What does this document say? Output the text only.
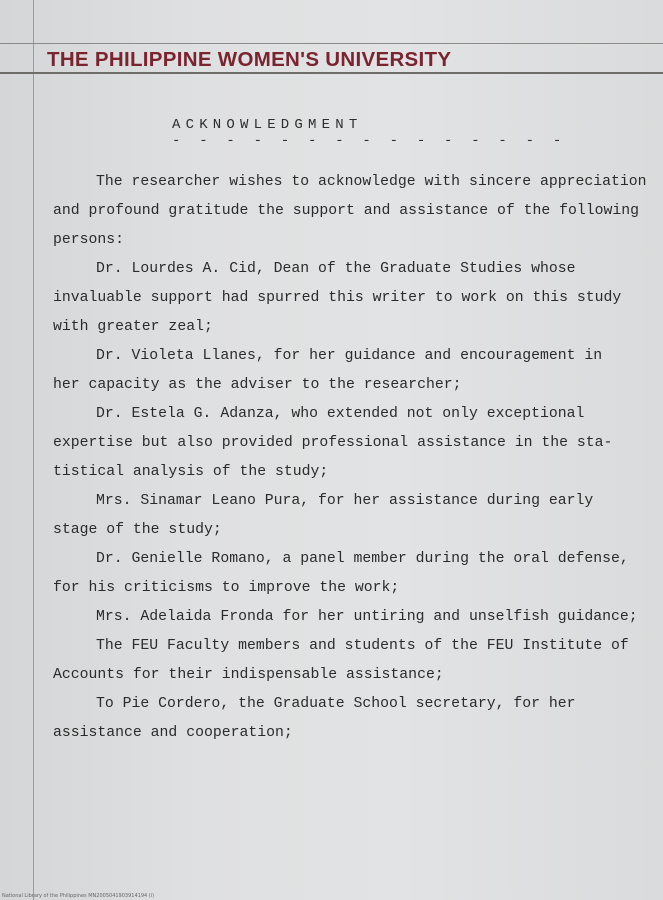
THE PHILIPPINE WOMEN'S UNIVERSITY
ACKNOWLEDGMENT
- - - - - - - - - - - - - - -
The researcher wishes to acknowledge with sincere appreciation
and profound gratitude the support and assistance of the following
persons:
Dr. Lourdes A. Cid, Dean of the Graduate Studies whose
invaluable support had spurred this writer to work on this study
with greater zeal;
Dr. Violeta Llanes, for her guidance and encouragement in
her capacity as the adviser to the researcher;
Dr. Estela G. Adanza, who extended not only exceptional
expertise but also provided professional assistance in the sta-
tistical analysis of the study;
Mrs. Sinamar Leano Pura, for her assistance during early
stage of the study;
Dr. Genielle Romano, a panel member during the oral defense,
for his criticisms to improve the work;
Mrs. Adelaida Fronda for her untiring and unselfish guidance;
The FEU Faculty members and students of the FEU Institute of
Accounts for their indispensable assistance;
To Pie Cordero, the Graduate School secretary, for her
assistance and cooperation;
National Library of the Philippines MN2005041903914194 (i)
